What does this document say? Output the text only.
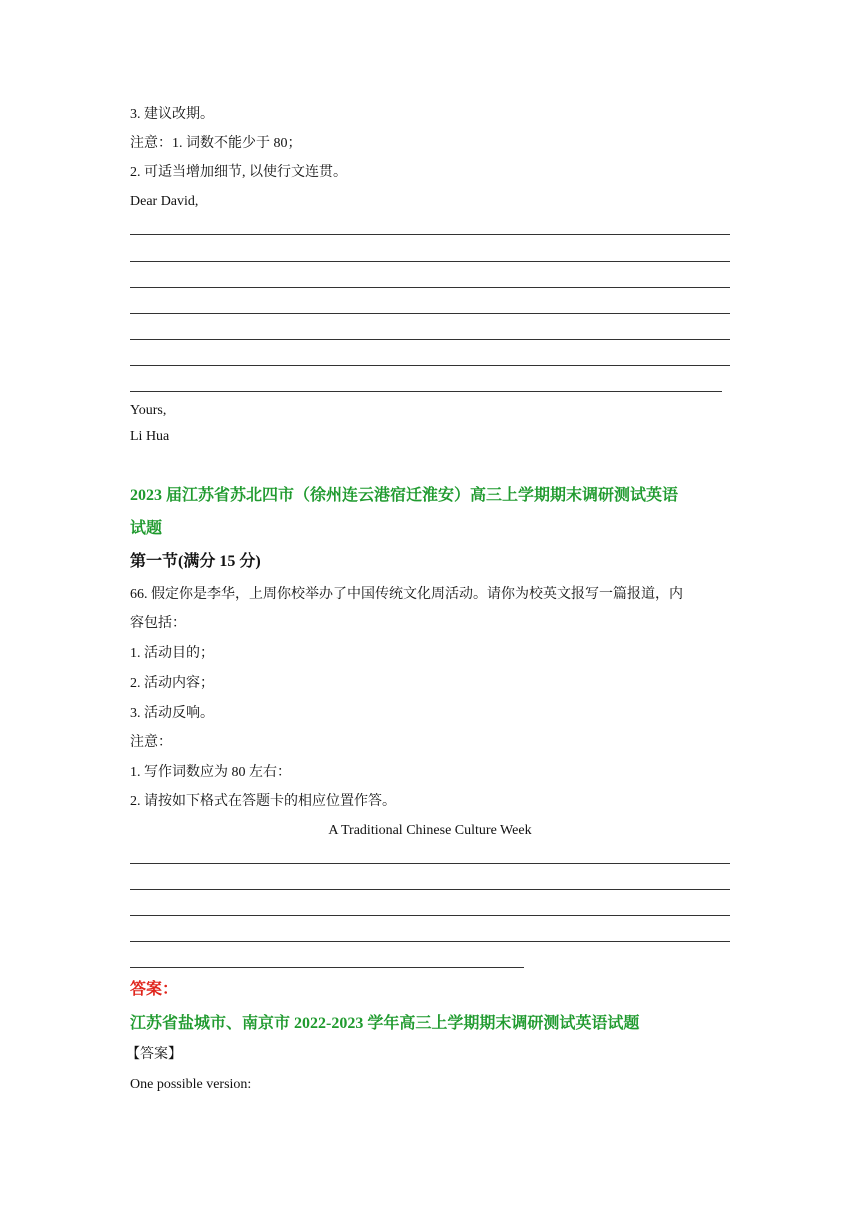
3. 建议改期。
注意：1. 词数不能少于 80；
2. 可适当增加细节, 以使行文连贯。
Dear David,
Yours,
Li Hua
2023 届江苏省苏北四市（徐州连云港宿迁淮安）高三上学期期末调研测试英语
试题
第一节(满分 15 分)
66. 假定你是李华，上周你校举办了中国传统文化周活动。请你为校英文报写一篇报道，内
容包括：
1. 活动目的；
2. 活动内容；
3. 活动反响。
注意：
1. 写作词数应为 80 左右：
2. 请按如下格式在答题卡的相应位置作答。
A Traditional Chinese Culture Week
答案：
江苏省盐城市、南京市 2022-2023 学年高三上学期期末调研测试英语试题
【答案】
One possible version:
